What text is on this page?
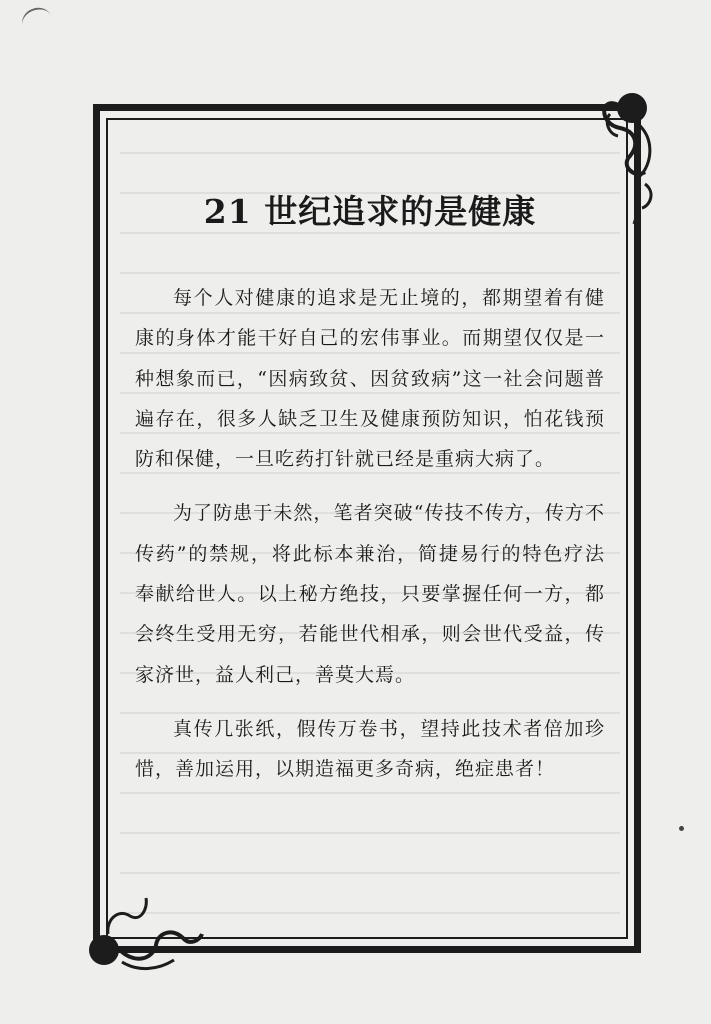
21 世纪追求的是健康

每个人对健康的追求是无止境的，都期望着有健康的身体才能干好自己的宏伟事业。而期望仅仅是一种想象而已，“因病致贫、因贫致病”这一社会问题普遍存在，很多人缺乏卫生及健康预防知识，怕花钱预防和保健，一旦吃药打针就已经是重病大病了。

为了防患于未然，笔者突破“传技不传方，传方不传药”的禁规，将此标本兼治，简捷易行的特色疗法奉献给世人。以上秘方绝技，只要掌握任何一方，都会终生受用无穷，若能世代相承，则会世代受益，传家济世，益人利己，善莫大焉。

真传几张纸，假传万卷书，望持此技术者倍加珍惜，善加运用，以期造福更多奇病，绝症患者！
